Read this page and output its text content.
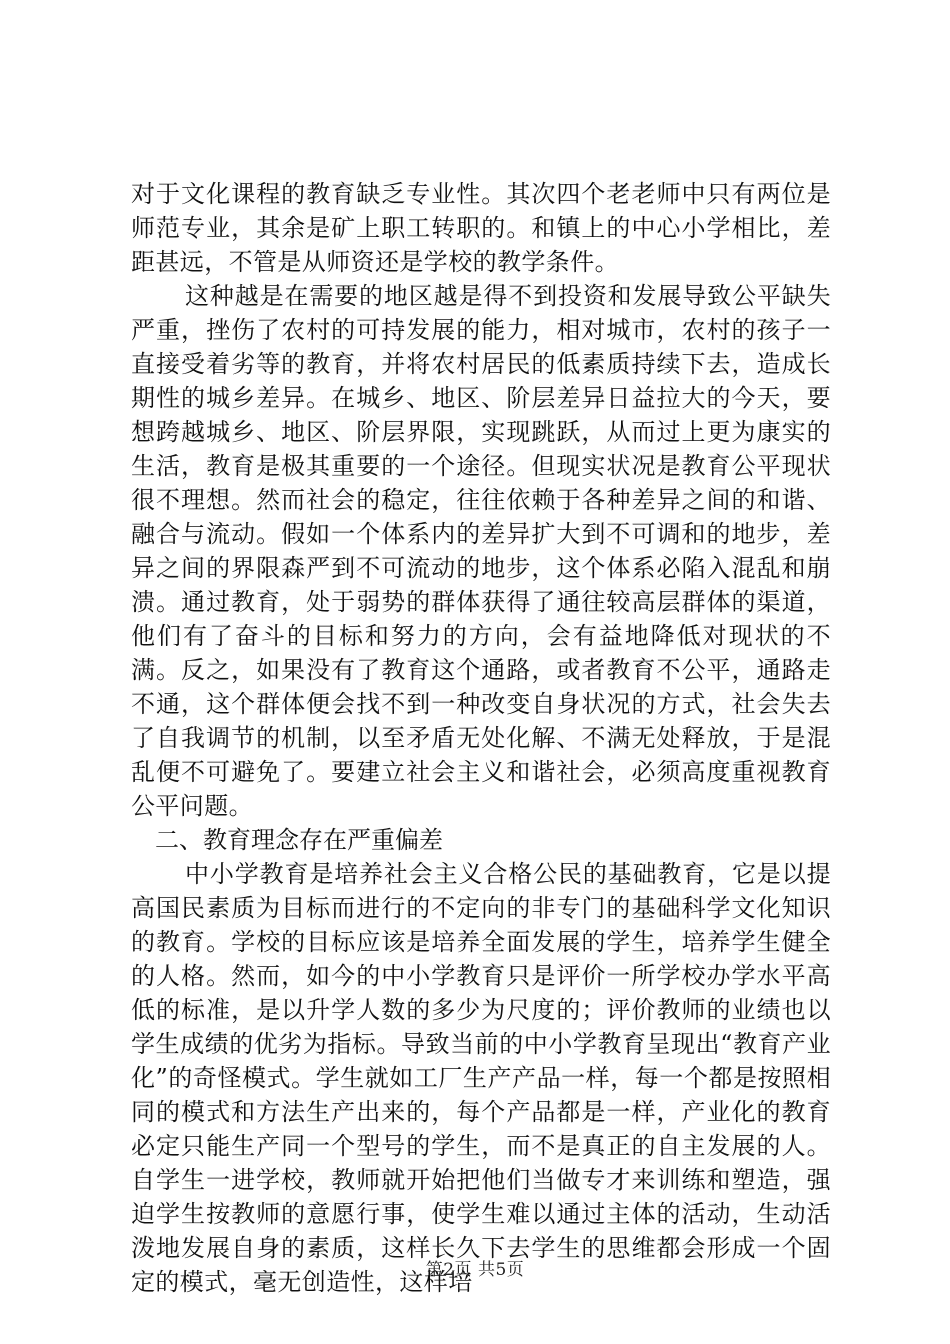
对于文化课程的教育缺乏专业性。其次四个老老师中只有两位是师范专业，其余是矿上职工转职的。和镇上的中心小学相比，差距甚远，不管是从师资还是学校的教学条件。

这种越是在需要的地区越是得不到投资和发展导致公平缺失严重，挫伤了农村的可持发展的能力，相对城市，农村的孩子一直接受着劣等的教育，并将农村居民的低素质持续下去，造成长期性的城乡差异。在城乡、地区、阶层差异日益拉大的今天，要想跨越城乡、地区、阶层界限，实现跳跃，从而过上更为康实的生活，教育是极其重要的一个途径。但现实状况是教育公平现状很不理想。然而社会的稳定，往往依赖于各种差异之间的和谐、融合与流动。假如一个体系内的差异扩大到不可调和的地步，差异之间的界限森严到不可流动的地步，这个体系必陷入混乱和崩溃。通过教育，处于弱势的群体获得了通往较高层群体的渠道，他们有了奋斗的目标和努力的方向，会有益地降低对现状的不满。反之，如果没有了教育这个通路，或者教育不公平，通路走不通，这个群体便会找不到一种改变自身状况的方式，社会失去了自我调节的机制，以至矛盾无处化解、不满无处释放，于是混乱便不可避免了。要建立社会主义和谐社会，必须高度重视教育公平问题。

二、教育理念存在严重偏差

中小学教育是培养社会主义合格公民的基础教育，它是以提高国民素质为目标而进行的不定向的非专门的基础科学文化知识的教育。学校的目标应该是培养全面发展的学生，培养学生健全的人格。然而，如今的中小学教育只是评价一所学校办学水平高低的标准，是以升学人数的多少为尺度的；评价教师的业绩也以学生成绩的优劣为指标。导致当前的中小学教育呈现出“教育产业化”的奇怪模式。学生就如工厂生产产品一样，每一个都是按照相同的模式和方法生产出来的，每个产品都是一样，产业化的教育必定只能生产同一个型号的学生，而不是真正的自主发展的人。自学生一进学校，教师就开始把他们当做专才来训练和塑造，强迫学生按教师的意愿行事，使学生难以通过主体的活动，生动活泼地发展自身的素质，这样长久下去学生的思维都会形成一个固定的模式，毫无创造性，这样培

第2页 共5页
